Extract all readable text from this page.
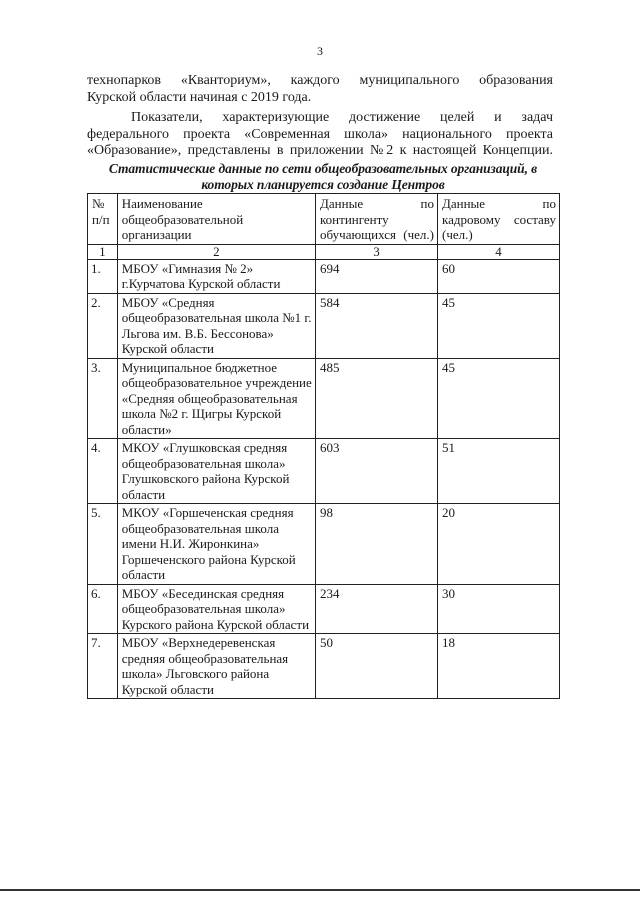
3
технопарков «Кванториум», каждого муниципального образования
Курской области начиная с 2019 года.
Показатели, характеризующие достижение целей и задач
федерального проекта «Современная школа» национального проекта
«Образование», представлены в приложении №2 к настоящей Концепции.
Статистические данные по сети общеобразовательных организаций, в
которых планируется создание Центров
№ п/п	Наименование общеобразовательной организации	Данные по контингенту обучающихся (чел.)	Данные по кадровому составу (чел.)

1	2	3	4
1.	МБОУ «Гимназия № 2» г.Курчатова Курской области	694	60
2.	МБОУ «Средняя общеобразовательная школа №1 г. Льгова им. В.Б. Бессонова» Курской области	584	45
3.	Муниципальное бюджетное общеобразовательное учреждение «Средняя общеобразовательная школа №2 г. Щигры Курской области»	485	45
4.	МКОУ «Глушковская средняя общеобразовательная школа» Глушковского района Курской области	603	51
5.	МКОУ «Горшеченская средняя общеобразовательная школа имени Н.И. Жиронкина» Горшеченского района Курской области	98	20
6.	МБОУ «Бесединская средняя общеобразовательная школа» Курского района Курской области	234	30
7.	МБОУ «Верхнедеревенская средняя общеобразовательная школа» Льговского района Курской области	50	18
